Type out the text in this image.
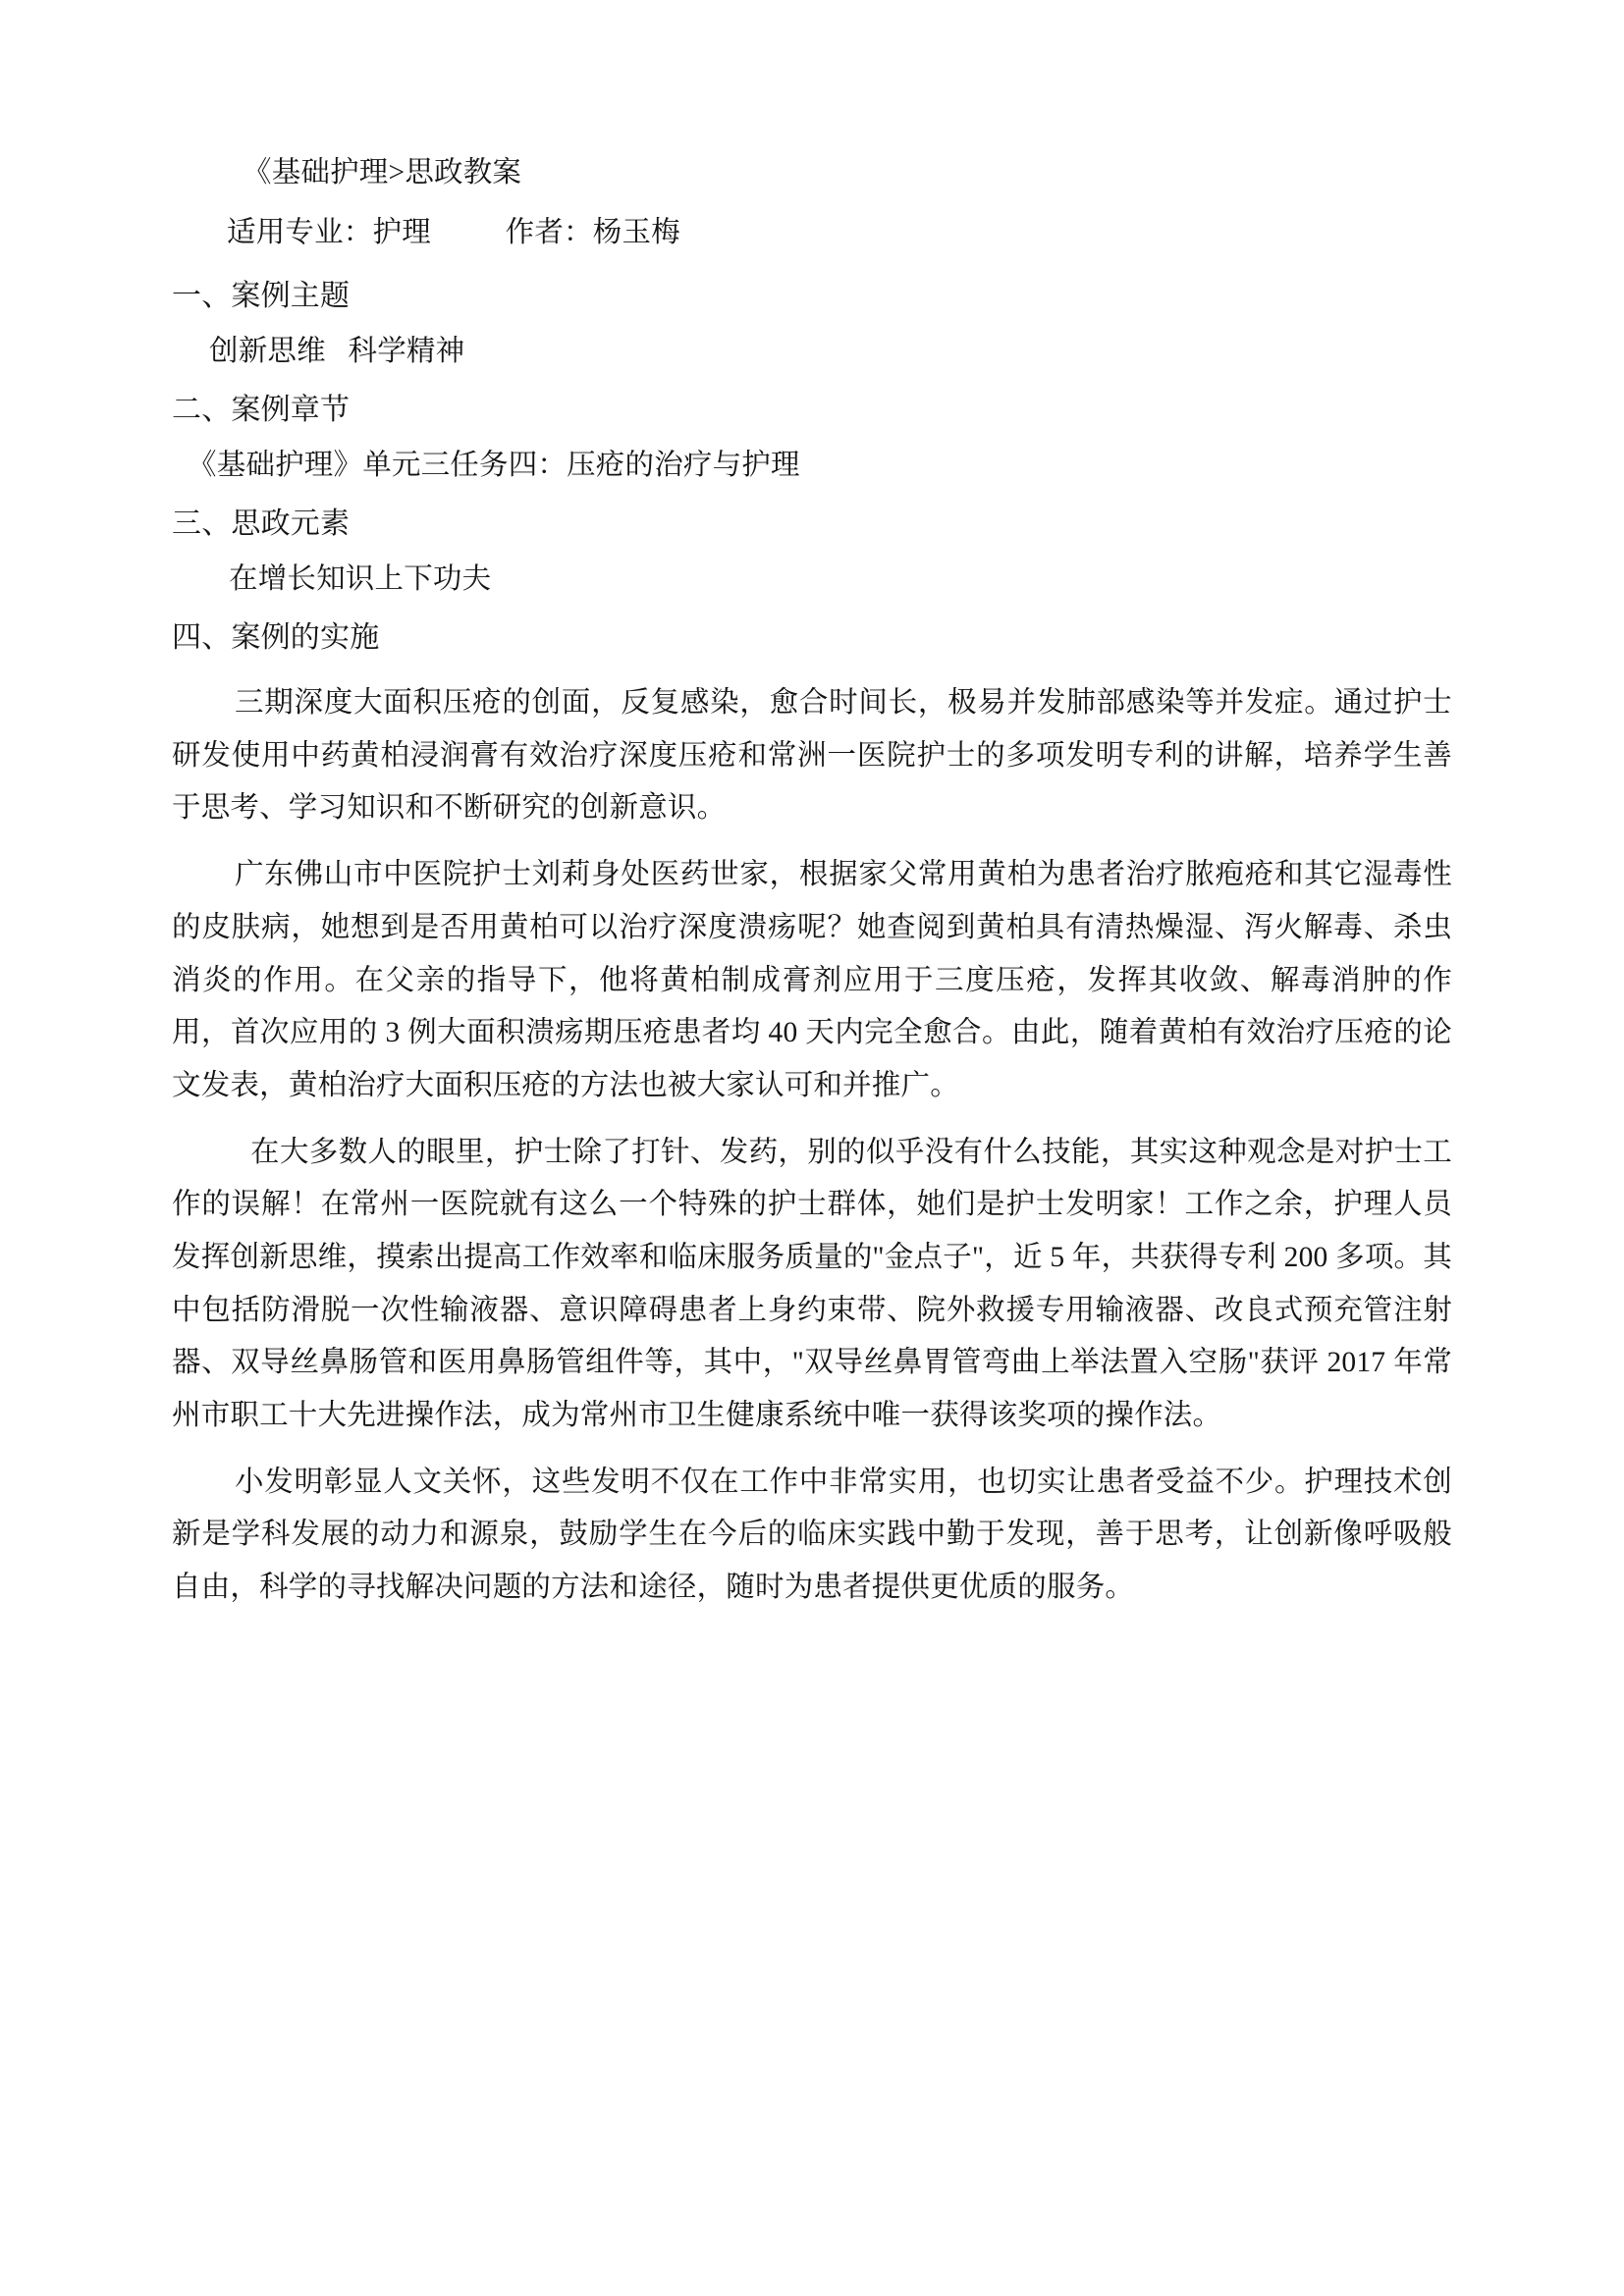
《基础护理>思政教案
适用专业：护理          作者：杨玉梅
一、案例主题
创新思维   科学精神
二、案例章节
《基础护理》单元三任务四：压疮的治疗与护理
三、思政元素
在增长知识上下功夫
四、案例的实施

三期深度大面积压疮的创面，反复感染，愈合时间长，极易并发肺部感染等并发症。通过护士研发使用中药黄柏浸润膏有效治疗深度压疮和常洲一医院护士的多项发明专利的讲解，培养学生善于思考、学习知识和不断研究的创新意识。

广东佛山市中医院护士刘莉身处医药世家，根据家父常用黄柏为患者治疗脓疱疮和其它湿毒性的皮肤病，她想到是否用黄柏可以治疗深度溃疡呢？她查阅到黄柏具有清热燥湿、泻火解毒、杀虫消炎的作用。在父亲的指导下，他将黄柏制成膏剂应用于三度压疮，发挥其收敛、解毒消肿的作用，首次应用的 3 例大面积溃疡期压疮患者均 40 天内完全愈合。由此，随着黄柏有效治疗压疮的论文发表，黄柏治疗大面积压疮的方法也被大家认可和并推广。

在大多数人的眼里，护士除了打针、发药，别的似乎没有什么技能，其实这种观念是对护士工作的误解！在常州一医院就有这么一个特殊的护士群体，她们是护士发明家！工作之余，护理人员发挥创新思维，摸索出提高工作效率和临床服务质量的"金点子"，近 5 年，共获得专利 200 多项。其中包括防滑脱一次性输液器、意识障碍患者上身约束带、院外救援专用输液器、改良式预充管注射器、双导丝鼻肠管和医用鼻肠管组件等，其中，"双导丝鼻胃管弯曲上举法置入空肠"获评 2017 年常州市职工十大先进操作法，成为常州市卫生健康系统中唯一获得该奖项的操作法。

小发明彰显人文关怀，这些发明不仅在工作中非常实用，也切实让患者受益不少。护理技术创新是学科发展的动力和源泉，鼓励学生在今后的临床实践中勤于发现，善于思考，让创新像呼吸般自由，科学的寻找解决问题的方法和途径，随时为患者提供更优质的服务。
